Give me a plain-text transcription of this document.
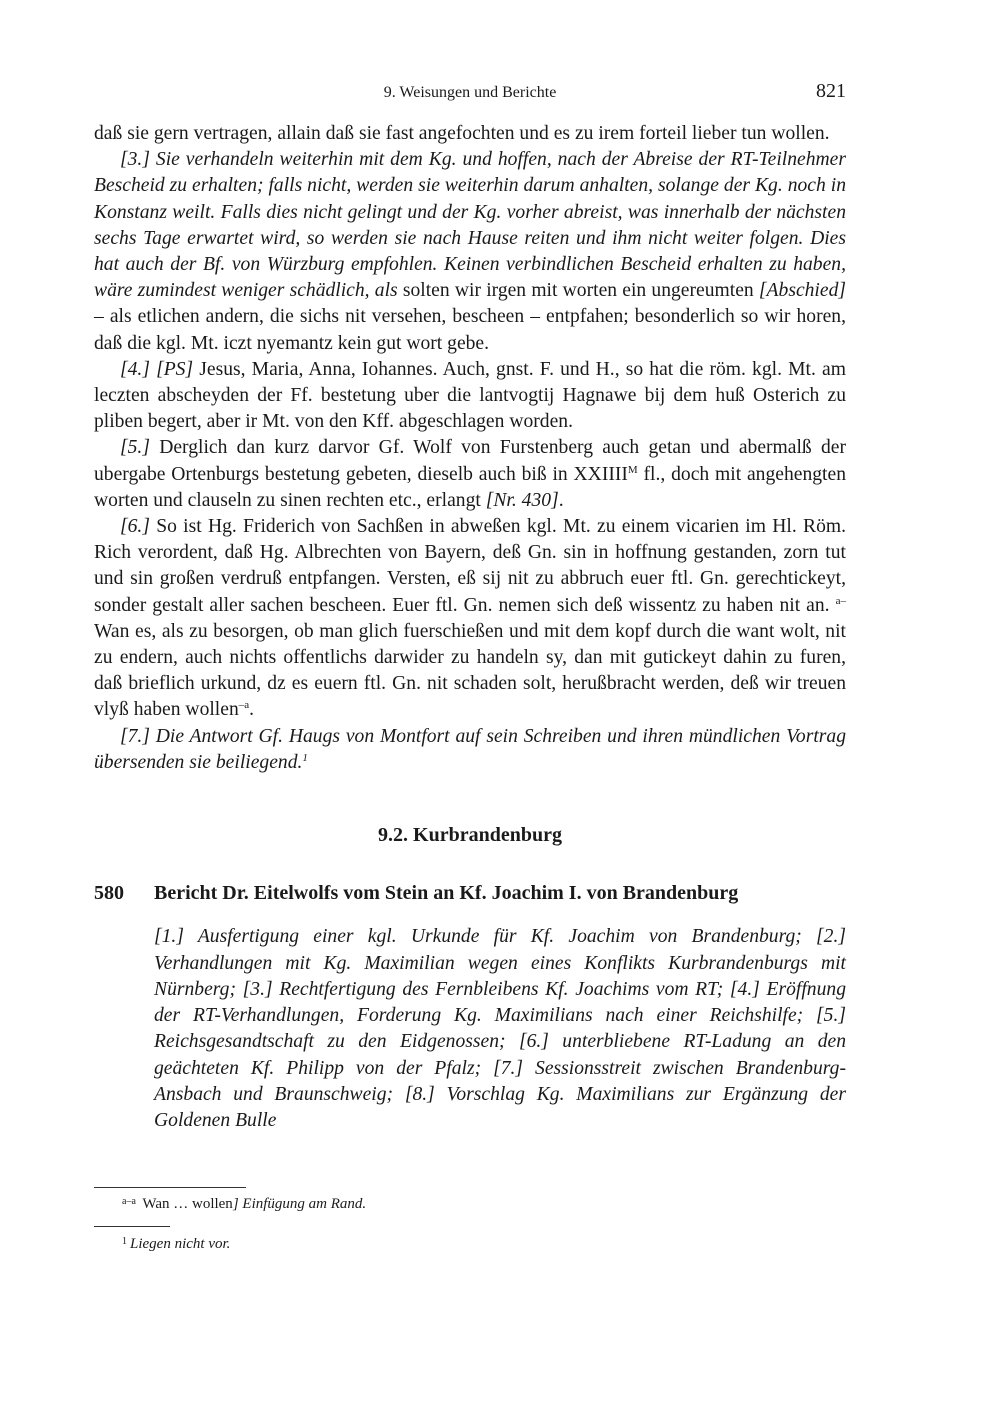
9. Weisungen und Berichte	821

daß sie gern vertragen, allain daß sie fast angefochten und es zu irem forteil lieber tun wollen.

[3.] Sie verhandeln weiterhin mit dem Kg. und hoffen, nach der Abreise der RT-Teilnehmer Bescheid zu erhalten; falls nicht, werden sie weiterhin darum anhalten, solange der Kg. noch in Konstanz weilt. Falls dies nicht gelingt und der Kg. vorher abreist, was innerhalb der nächsten sechs Tage erwartet wird, so werden sie nach Hause reiten und ihm nicht weiter folgen. Dies hat auch der Bf. von Würzburg empfohlen. Keinen verbindlichen Bescheid erhalten zu haben, wäre zumindest weniger schädlich, als solten wir irgen mit worten ein ungereumten [Abschied] – als etlichen andern, die sichs nit versehen, bescheen – entpfahen; besonderlich so wir horen, daß die kgl. Mt. iczt nyemantz kein gut wort gebe.

[4.] [PS] Jesus, Maria, Anna, Iohannes. Auch, gnst. F. und H., so hat die röm. kgl. Mt. am leczten abscheyden der Ff. bestetung uber die lantvogtij Hagnawe bij dem huß Osterich zu pliben begert, aber ir Mt. von den Kff. abgeschlagen worden.

[5.] Derglich dan kurz darvor Gf. Wolf von Furstenberg auch getan und abermalß der ubergabe Ortenburgs bestetung gebeten, dieselb auch biß in $XXIIII^M$ fl., doch mit angehengten worten und clauseln zu sinen rechten etc., erlangt [Nr. 430].

[6.] So ist Hg. Friderich von Sachßen in abweßen kgl. Mt. zu einem vicarien im Hl. Röm. Rich verordent, daß Hg. Albrechten von Bayern, deß Gn. sin in hoffnung gestanden, zorn tut und sin großen verdruß entpfangen. Versten, eß sij nit zu abbruch euer ftl. Gn. gerechtickeyt, sonder gestalt aller sachen bescheen. Euer ftl. Gn. nemen sich deß wissentz zu haben nit an. $^{a-}$Wan es, als zu besorgen, ob man glich fuerschießen und mit dem kopf durch die want wolt, nit zu endern, auch nichts offentlichs darwider zu handeln sy, dan mit gutickeyt dahin zu furen, daß brieflich urkund, dz es euern ftl. Gn. nit schaden solt, herußbracht werden, deß wir treuen vlyß haben wollen$^{-a}$.

[7.] Die Antwort Gf. Haugs von Montfort auf sein Schreiben und ihren mündlichen Vortrag übersenden sie beiliegend.$^1$

9.2. Kurbrandenburg
580	Bericht Dr. Eitelwolfs vom Stein an Kf. Joachim I. von Brandenburg

[1.] Ausfertigung einer kgl. Urkunde für Kf. Joachim von Brandenburg; [2.] Verhandlungen mit Kg. Maximilian wegen eines Konflikts Kurbrandenburgs mit Nürnberg; [3.] Rechtfertigung des Fernbleibens Kf. Joachims vom RT; [4.] Eröffnung der RT-Verhandlungen, Forderung Kg. Maximilians nach einer Reichshilfe; [5.] Reichsgesandtschaft zu den Eidgenossen; [6.] unterbliebene RT-Ladung an den geächteten Kf. Philipp von der Pfalz; [7.] Sessionsstreit zwischen Brandenburg-Ansbach und Braunschweig; [8.] Vorschlag Kg. Maximilians zur Ergänzung der Goldenen Bulle

$^{a-a}$ Wan … wollen] Einfügung am Rand.
$^1$ Liegen nicht vor.
